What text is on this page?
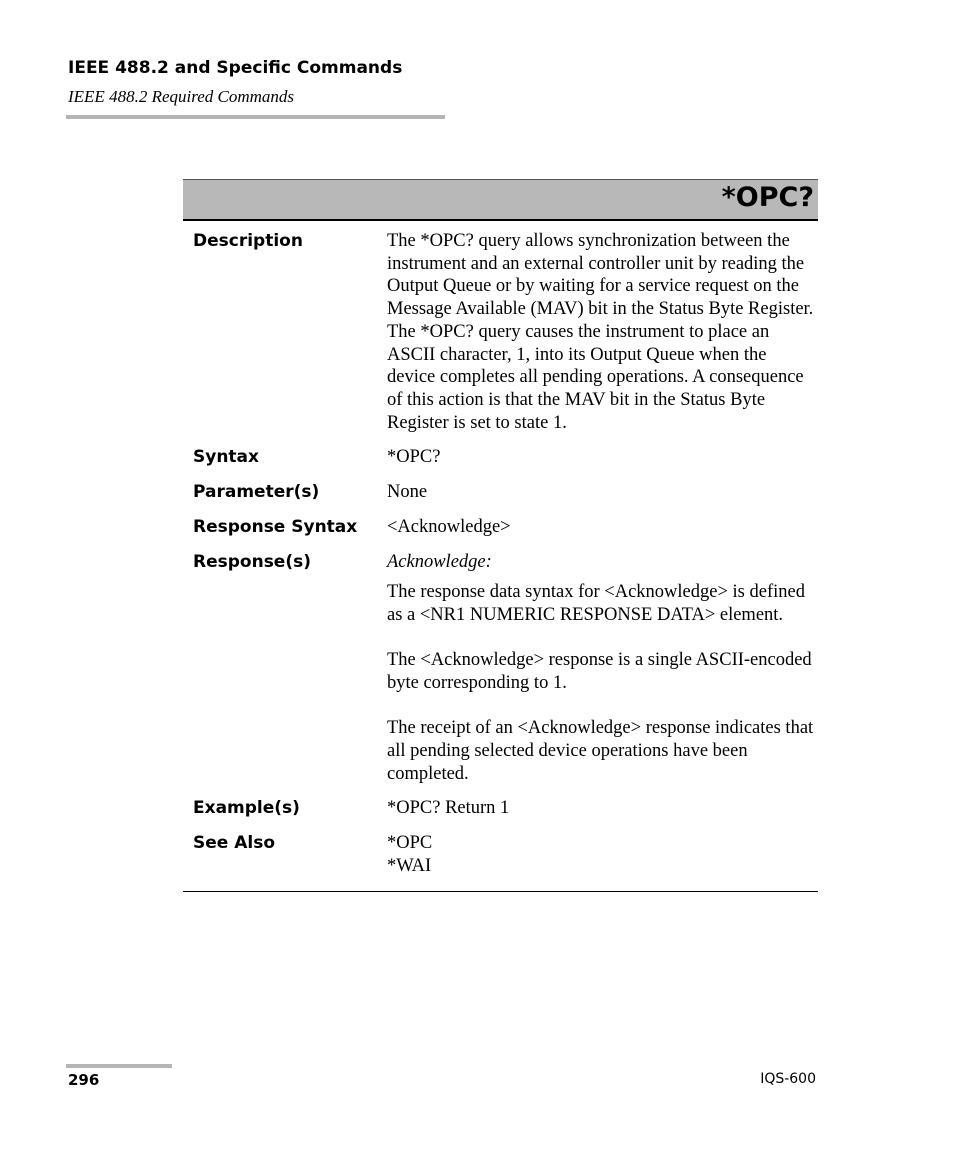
IEEE 488.2 and Specific Commands
IEEE 488.2 Required Commands
*OPC?
Description	The *OPC? query allows synchronization between the instrument and an external controller unit by reading the Output Queue or by waiting for a service request on the Message Available (MAV) bit in the Status Byte Register. The *OPC? query causes the instrument to place an ASCII character, 1, into its Output Queue when the device completes all pending operations. A consequence of this action is that the MAV bit in the Status Byte Register is set to state 1.

Syntax	*OPC?
Parameter(s)	None
Response Syntax	<Acknowledge>
Response(s)	Acknowledge:

The response data syntax for <Acknowledge> is defined as a <NR1 NUMERIC RESPONSE DATA> element.

The <Acknowledge> response is a single ASCII-encoded byte corresponding to 1.

The receipt of an <Acknowledge> response indicates that all pending selected device operations have been completed.

Example(s)	*OPC? Return 1
See Also	*OPC

*WAI

296	IQS-600
